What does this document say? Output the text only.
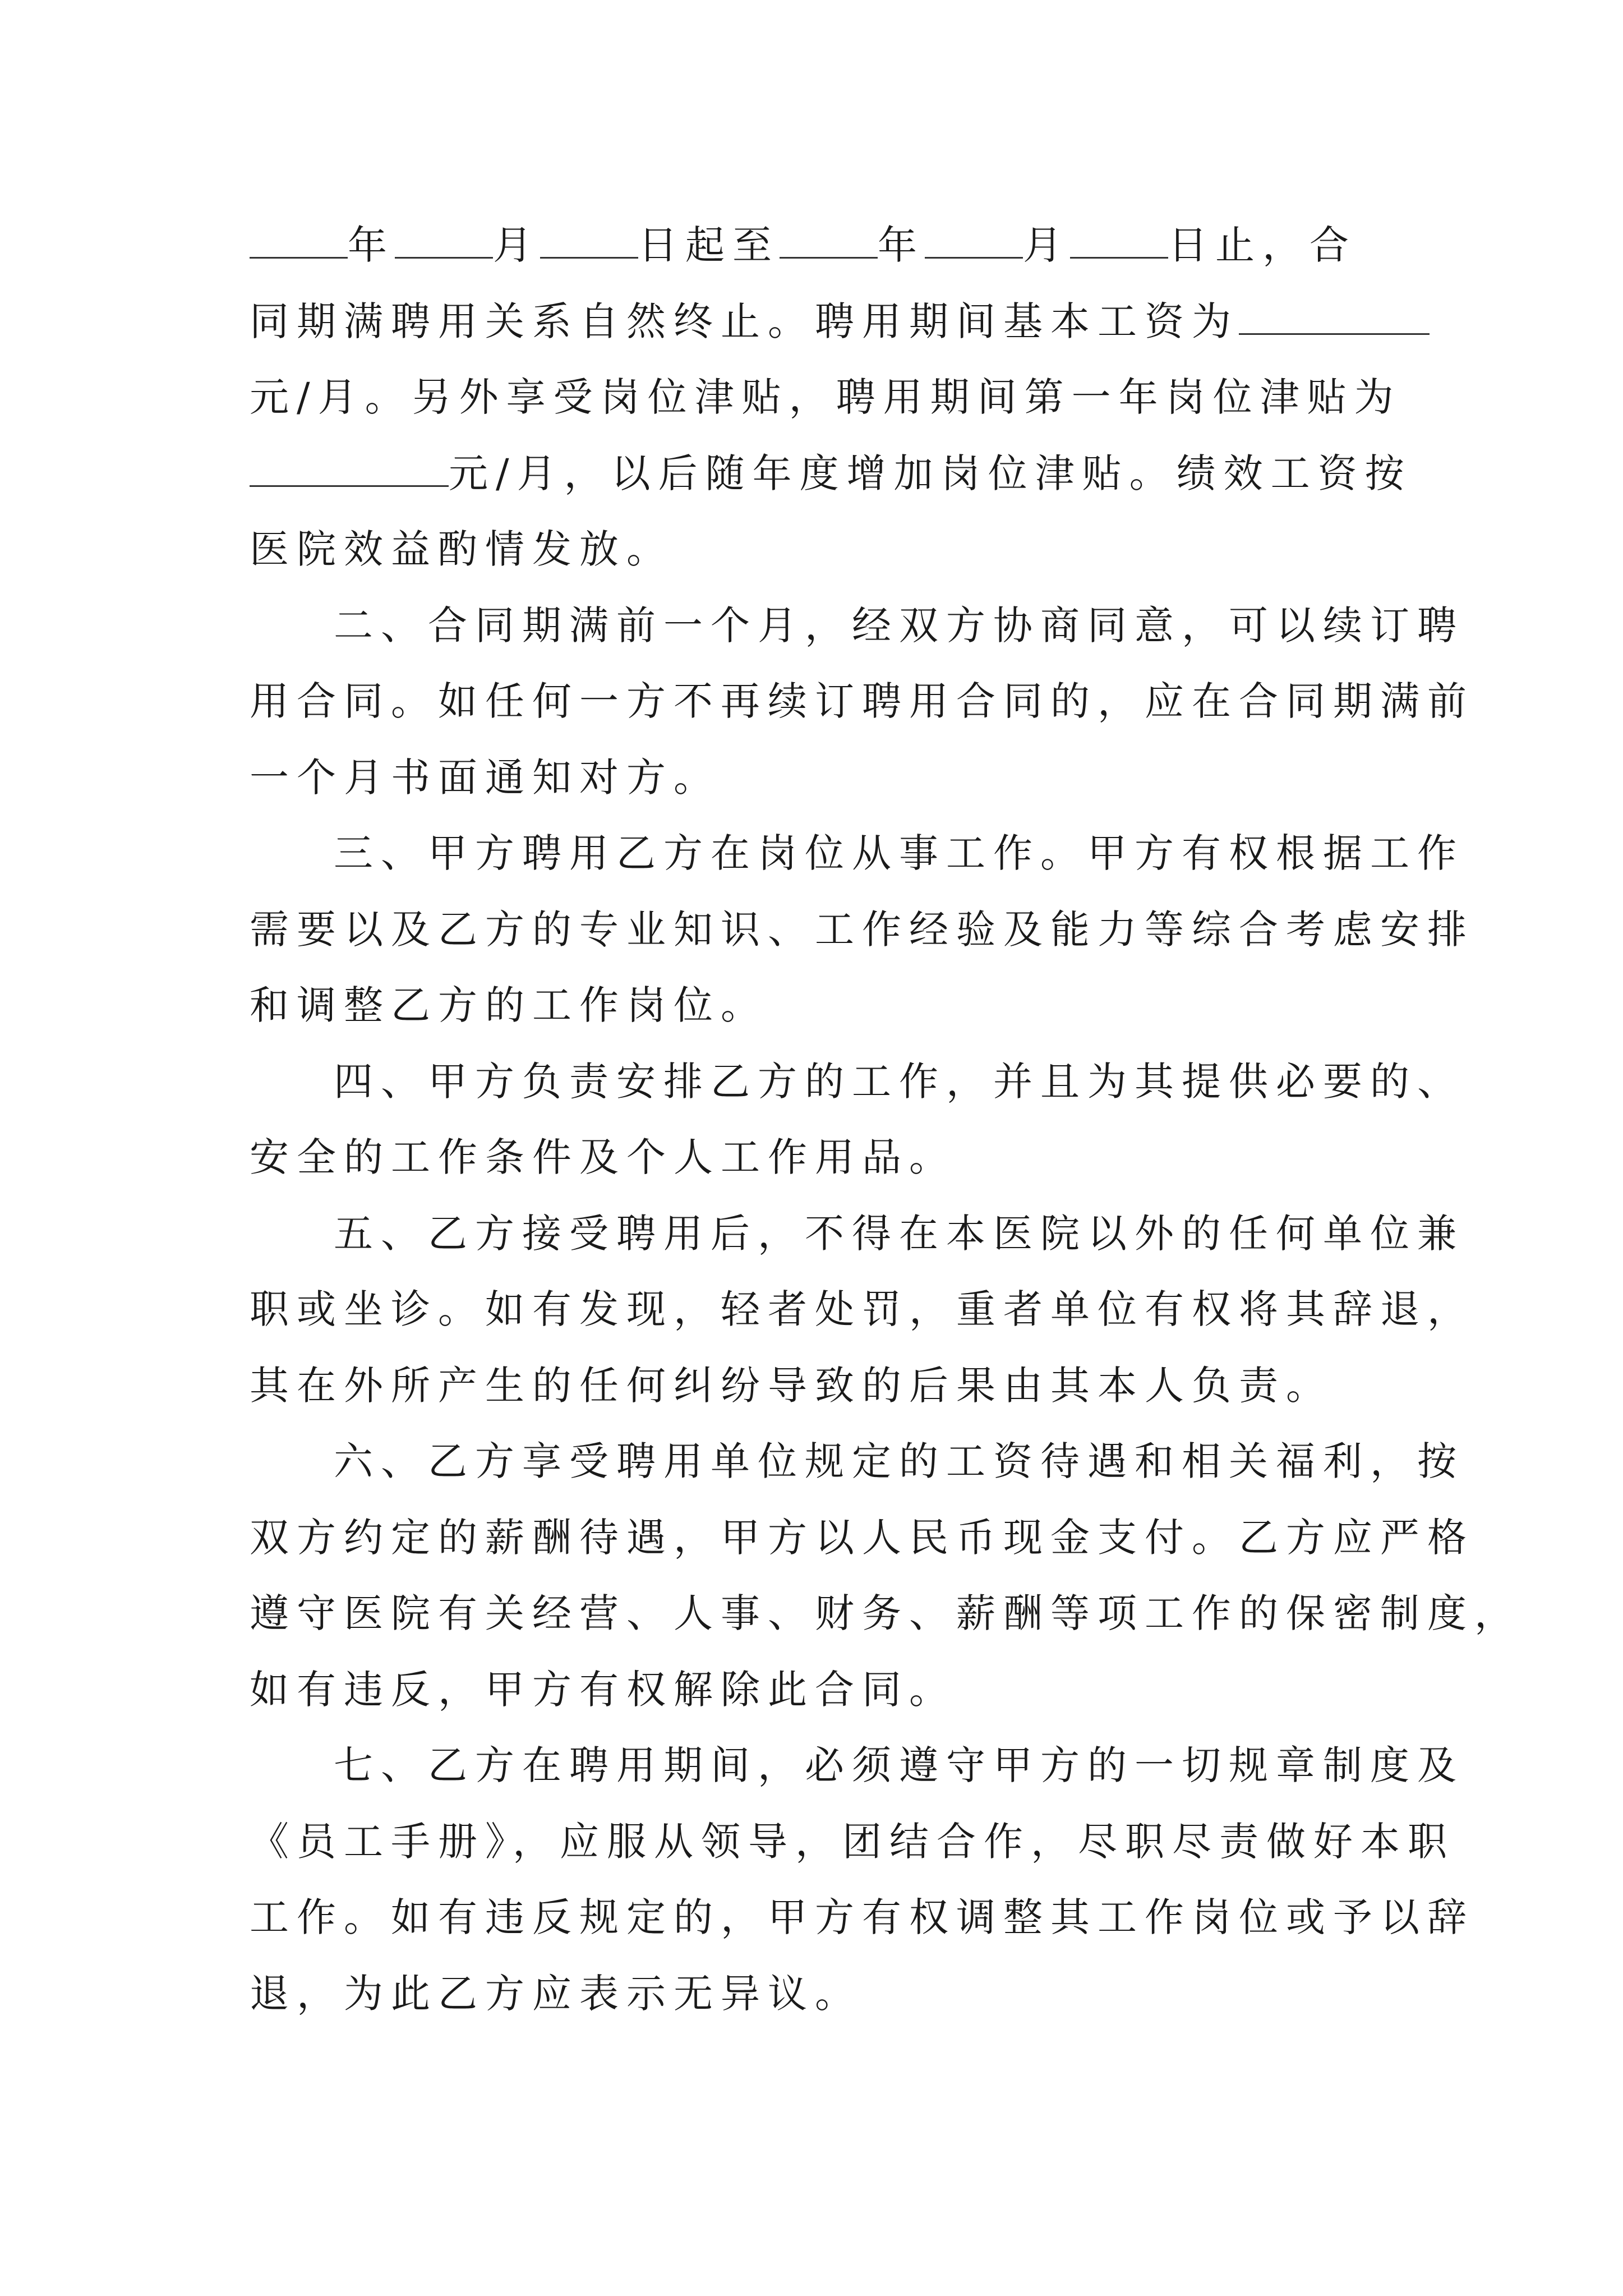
年	月	日起至	年	月	日止，合
同期满聘用关系自然终止。聘用期间基本工资为
元/月。另外享受岗位津贴，聘用期间第一年岗位津贴为
元/月，以后随年度增加岗位津贴。绩效工资按
医院效益酌情发放。
二、合同期满前一个月，经双方协商同意，可以续订聘
用合同。如任何一方不再续订聘用合同的，应在合同期满前
一个月书面通知对方。
三、甲方聘用乙方在岗位从事工作。甲方有权根据工作
需要以及乙方的专业知识、工作经验及能力等综合考虑安排
和调整乙方的工作岗位。
四、甲方负责安排乙方的工作，并且为其提供必要的、
安全的工作条件及个人工作用品。
五、乙方接受聘用后，不得在本医院以外的任何单位兼
职或坐诊。如有发现，轻者处罚，重者单位有权将其辞退，
其在外所产生的任何纠纷导致的后果由其本人负责。
六、乙方享受聘用单位规定的工资待遇和相关福利，按
双方约定的薪酬待遇，甲方以人民币现金支付。乙方应严格
遵守医院有关经营、人事、财务、薪酬等项工作的保密制度，
如有违反，甲方有权解除此合同。
七、乙方在聘用期间，必须遵守甲方的一切规章制度及
《员工手册》，应服从领导，团结合作，尽职尽责做好本职
工作。如有违反规定的，甲方有权调整其工作岗位或予以辞
退，为此乙方应表示无异议。
